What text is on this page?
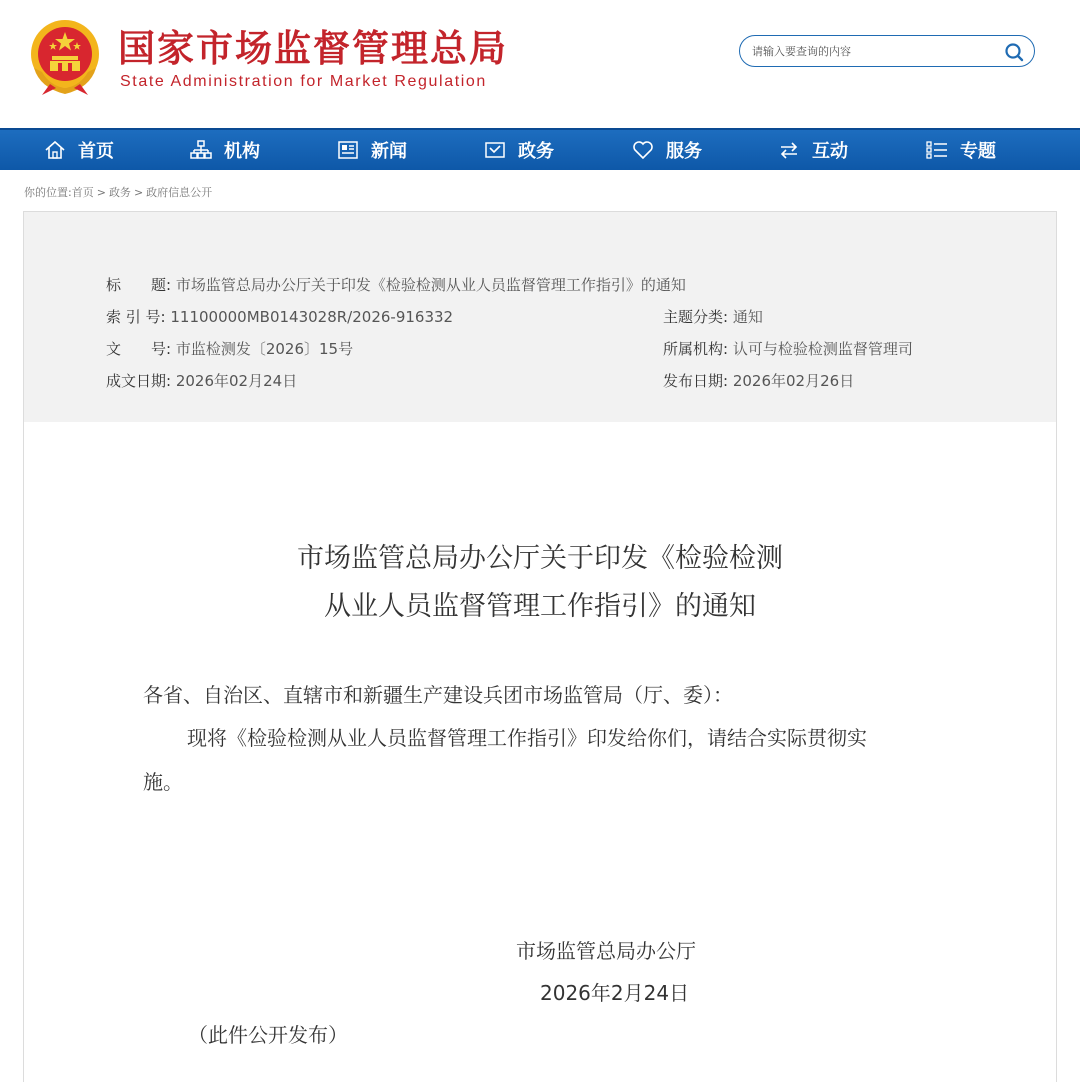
国家市场监督管理总局
State Administration for Market Regulation
请输入要查询的内容
首页	机构	新闻	政务	服务	互动	专题
你的位置:首页 > 政务 > 政府信息公开
标　　题: 市场监管总局办公厅关于印发《检验检测从业人员监督管理工作指引》的通知
索 引 号: 11100000MB0143028R/2026-916332	主题分类: 通知
文　　号: 市监检测发〔2026〕15号	所属机构: 认可与检验检测监督管理司
成文日期: 2026年02月24日	发布日期: 2026年02月26日
市场监管总局办公厅关于印发《检验检测
从业人员监督管理工作指引》的通知
各省、自治区、直辖市和新疆生产建设兵团市场监管局（厅、委）：
现将《检验检测从业人员监督管理工作指引》印发给你们，请结合实际贯彻实
施。
市场监管总局办公厅
2026年2月24日
（此件公开发布）
